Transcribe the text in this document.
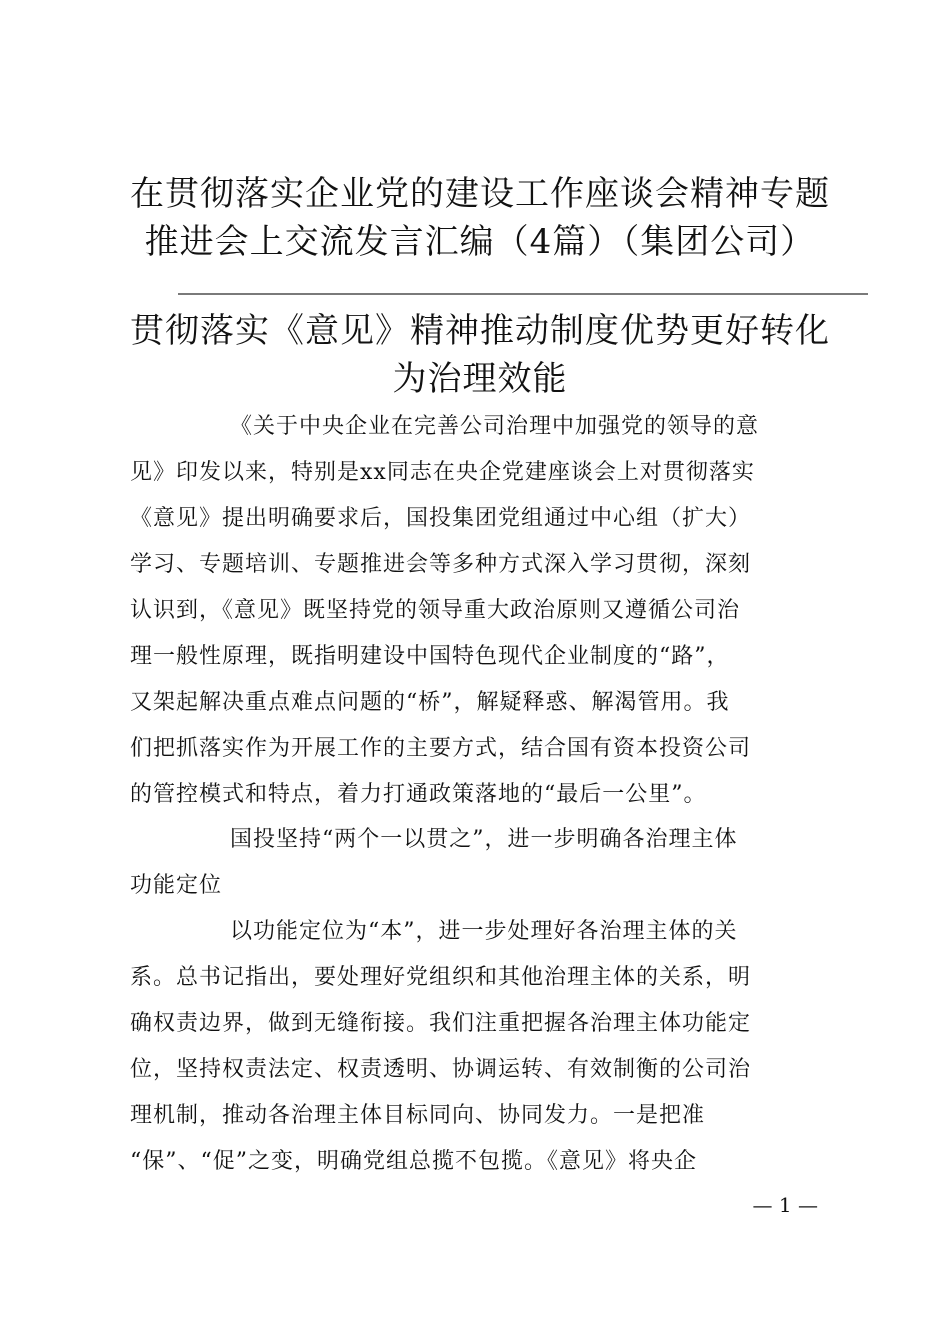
在贯彻落实企业党的建设工作座谈会精神专题
推进会上交流发言汇编（4篇）（集团公司）
贯彻落实《意见》精神推动制度优势更好转化
为治理效能
《关于中央企业在完善公司治理中加强党的领导的意
见》印发以来，特别是xx同志在央企党建座谈会上对贯彻落实
《意见》提出明确要求后，国投集团党组通过中心组（扩大）
学习、专题培训、专题推进会等多种方式深入学习贯彻，深刻
认识到，《意见》既坚持党的领导重大政治原则又遵循公司治
理一般性原理，既指明建设中国特色现代企业制度的“路”，
又架起解决重点难点问题的“桥”，解疑释惑、解渴管用。我
们把抓落实作为开展工作的主要方式，结合国有资本投资公司
的管控模式和特点，着力打通政策落地的“最后一公里”。
国投坚持“两个一以贯之”，进一步明确各治理主体
功能定位
以功能定位为“本”，进一步处理好各治理主体的关
系。总书记指出，要处理好党组织和其他治理主体的关系，明
确权责边界，做到无缝衔接。我们注重把握各治理主体功能定
位，坚持权责法定、权责透明、协调运转、有效制衡的公司治
理机制，推动各治理主体目标同向、协同发力。一是把准
“保”、“促”之变，明确党组总揽不包揽。《意见》将央企
— 1 —
